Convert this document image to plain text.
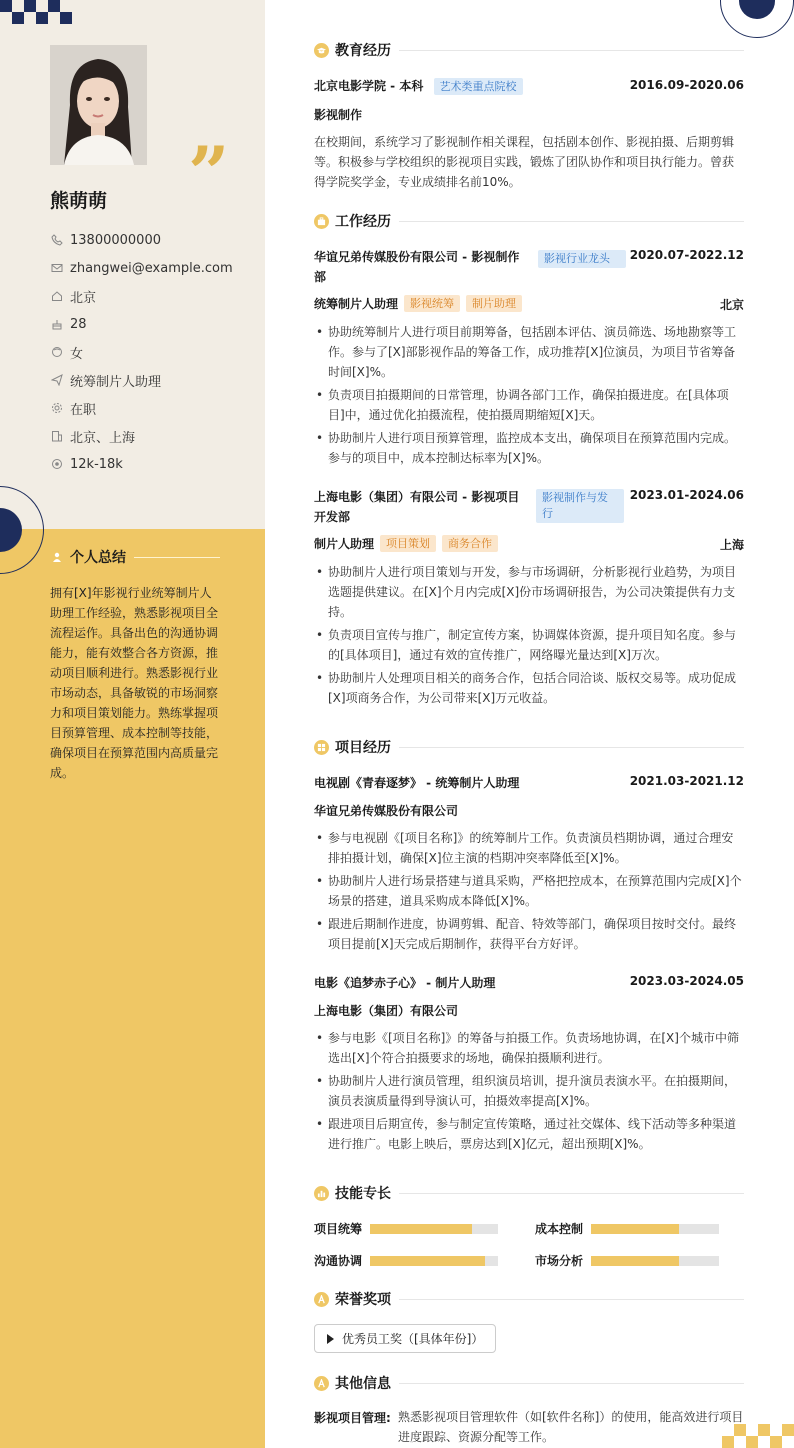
”
熊萌萌
13800000000
zhangwei@example.com
北京
28
女
统筹制片人助理
在职
北京、上海
12k-18k
个人总结
拥有[X]年影视行业统筹制片人助理工作经验，熟悉影视项目全流程运作。具备出色的沟通协调能力，能有效整合各方资源，推动项目顺利进行。熟悉影视行业市场动态，具备敏锐的市场洞察力和项目策划能力。熟练掌握项目预算管理、成本控制等技能，确保项目在预算范围内高质量完成。
教育经历
北京电影学院 - 本科 艺术类重点院校	2016.09-2020.06
影视制作
在校期间，系统学习了影视制作相关课程，包括剧本创作、影视拍摄、后期剪辑等。积极参与学校组织的影视项目实践，锻炼了团队协作和项目执行能力。曾获得学院奖学金，专业成绩排名前10%。
工作经历
华谊兄弟传媒股份有限公司 - 影视制作部
影视行业龙头	2020.07-2022.12
统筹制片人助理	影视统筹	制片助理	北京
• 协助统筹制片人进行项目前期筹备，包括剧本评估、演员筛选、场地勘察等工作。参与了[X]部影视作品的筹备工作，成功推荐[X]位演员，为项目节省筹备时间[X]%。
• 负责项目拍摄期间的日常管理，协调各部门工作，确保拍摄进度。在[具体项目]中，通过优化拍摄流程，使拍摄周期缩短[X]天。
• 协助制片人进行项目预算管理，监控成本支出，确保项目在预算范围内完成。参与的项目中，成本控制达标率为[X]%。
上海电影（集团）有限公司 - 影视项目开发部
影视制作与发行
2023.01-2024.06
制片人助理	项目策划	商务合作	上海
• 协助制片人进行项目策划与开发，参与市场调研，分析影视行业趋势，为项目选题提供建议。在[X]个月内完成[X]份市场调研报告，为公司决策提供有力支持。
• 负责项目宣传与推广，制定宣传方案，协调媒体资源，提升项目知名度。参与的[具体项目]，通过有效的宣传推广，网络曝光量达到[X]万次。
• 协助制片人处理项目相关的商务合作，包括合同洽谈、版权交易等。成功促成[X]项商务合作，为公司带来[X]万元收益。
项目经历
电视剧《青春逐梦》 - 统筹制片人助理	2021.03-2021.12
华谊兄弟传媒股份有限公司
• 参与电视剧《[项目名称]》的统筹制片工作。负责演员档期协调，通过合理安排拍摄计划，确保[X]位主演的档期冲突率降低至[X]%。
• 协助制片人进行场景搭建与道具采购，严格把控成本，在预算范围内完成[X]个场景的搭建，道具采购成本降低[X]%。
• 跟进后期制作进度，协调剪辑、配音、特效等部门，确保项目按时交付。最终项目提前[X]天完成后期制作，获得平台方好评。
电影《追梦赤子心》 - 制片人助理	2023.03-2024.05
上海电影（集团）有限公司
• 参与电影《[项目名称]》的筹备与拍摄工作。负责场地协调，在[X]个城市中筛选出[X]个符合拍摄要求的场地，确保拍摄顺利进行。
• 协助制片人进行演员管理，组织演员培训，提升演员表演水平。在拍摄期间，演员表演质量得到导演认可，拍摄效率提高[X]%。
• 跟进项目后期宣传，参与制定宣传策略，通过社交媒体、线下活动等多种渠道进行推广。电影上映后，票房达到[X]亿元，超出预期[X]%。
技能专长
项目统筹	成本控制
沟通协调	市场分析
荣誉奖项
优秀员工奖（[具体年份]）
其他信息
影视项目管理: 熟悉影视项目管理软件（如[软件名称]）的使用，能高效进行项目进度跟踪、资源分配等工作。
